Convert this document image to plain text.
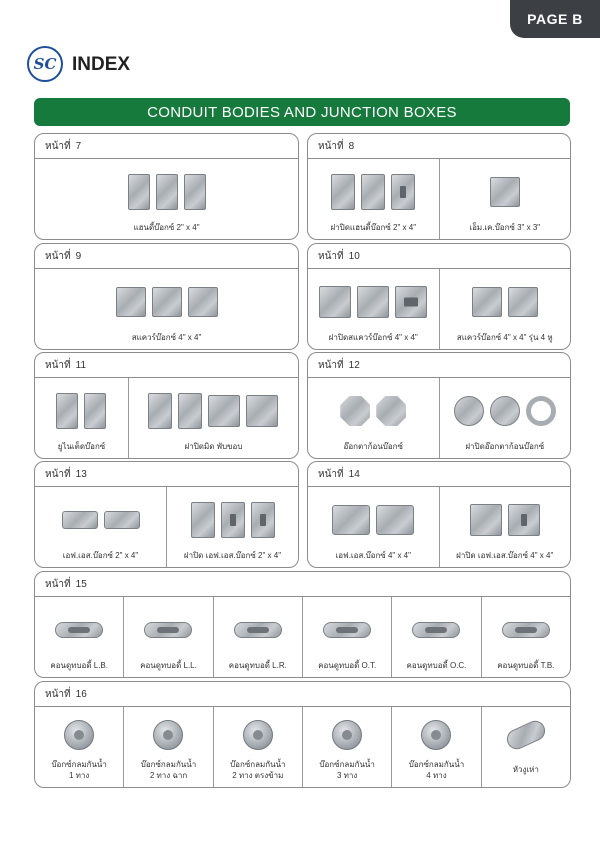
PAGE B
SC INDEX
CONDUIT BODIES AND JUNCTION BOXES
หน้าที่ 7
แฮนดี้บ๊อกซ์ 2" x 4"
หน้าที่ 8
ฝาปิดแฮนดี้บ๊อกซ์ 2" x 4"	เอ็ม.เค.บ๊อกซ์ 3" x 3"
หน้าที่ 9
สแควร์บ๊อกซ์ 4" x 4"
หน้าที่ 10
ฝาปิดสแควร์บ๊อกซ์ 4" x 4"	สแควร์บ๊อกซ์ 4" x 4" รุ่น 4 หู
หน้าที่ 11
ยูไนเต็ดบ๊อกซ์	ฝาปิดมิด พับขอบ
หน้าที่ 12
อ๊อกตาก้อนบ๊อกซ์	ฝาปิดอ๊อกตาก้อนบ๊อกซ์
หน้าที่ 13
เอฟ.เอส.บ๊อกซ์ 2" x 4"	ฝาปิด เอฟ.เอส.บ๊อกซ์ 2" x 4"
หน้าที่ 14
เอฟ.เอส.บ๊อกซ์ 4" x 4"	ฝาปิด เอฟ.เอส.บ๊อกซ์ 4" x 4"
หน้าที่ 15
คอนดูทบอดี้ L.B.	คอนดูทบอดี้ L.L.	คอนดูทบอดี้ L.R.	คอนดูทบอดี้ O.T.	คอนดูทบอดี้ O.C.	คอนดูทบอดี้ T.B.
หน้าที่ 16
บ๊อกซ์กลมกันน้ำ
1 ทาง
บ๊อกซ์กลมกันน้ำ
2 ทาง ฉาก
บ๊อกซ์กลมกันน้ำ
2 ทาง ตรงข้าม
บ๊อกซ์กลมกันน้ำ
3 ทาง
บ๊อกซ์กลมกันน้ำ
4 ทาง
หัวงูเห่า
